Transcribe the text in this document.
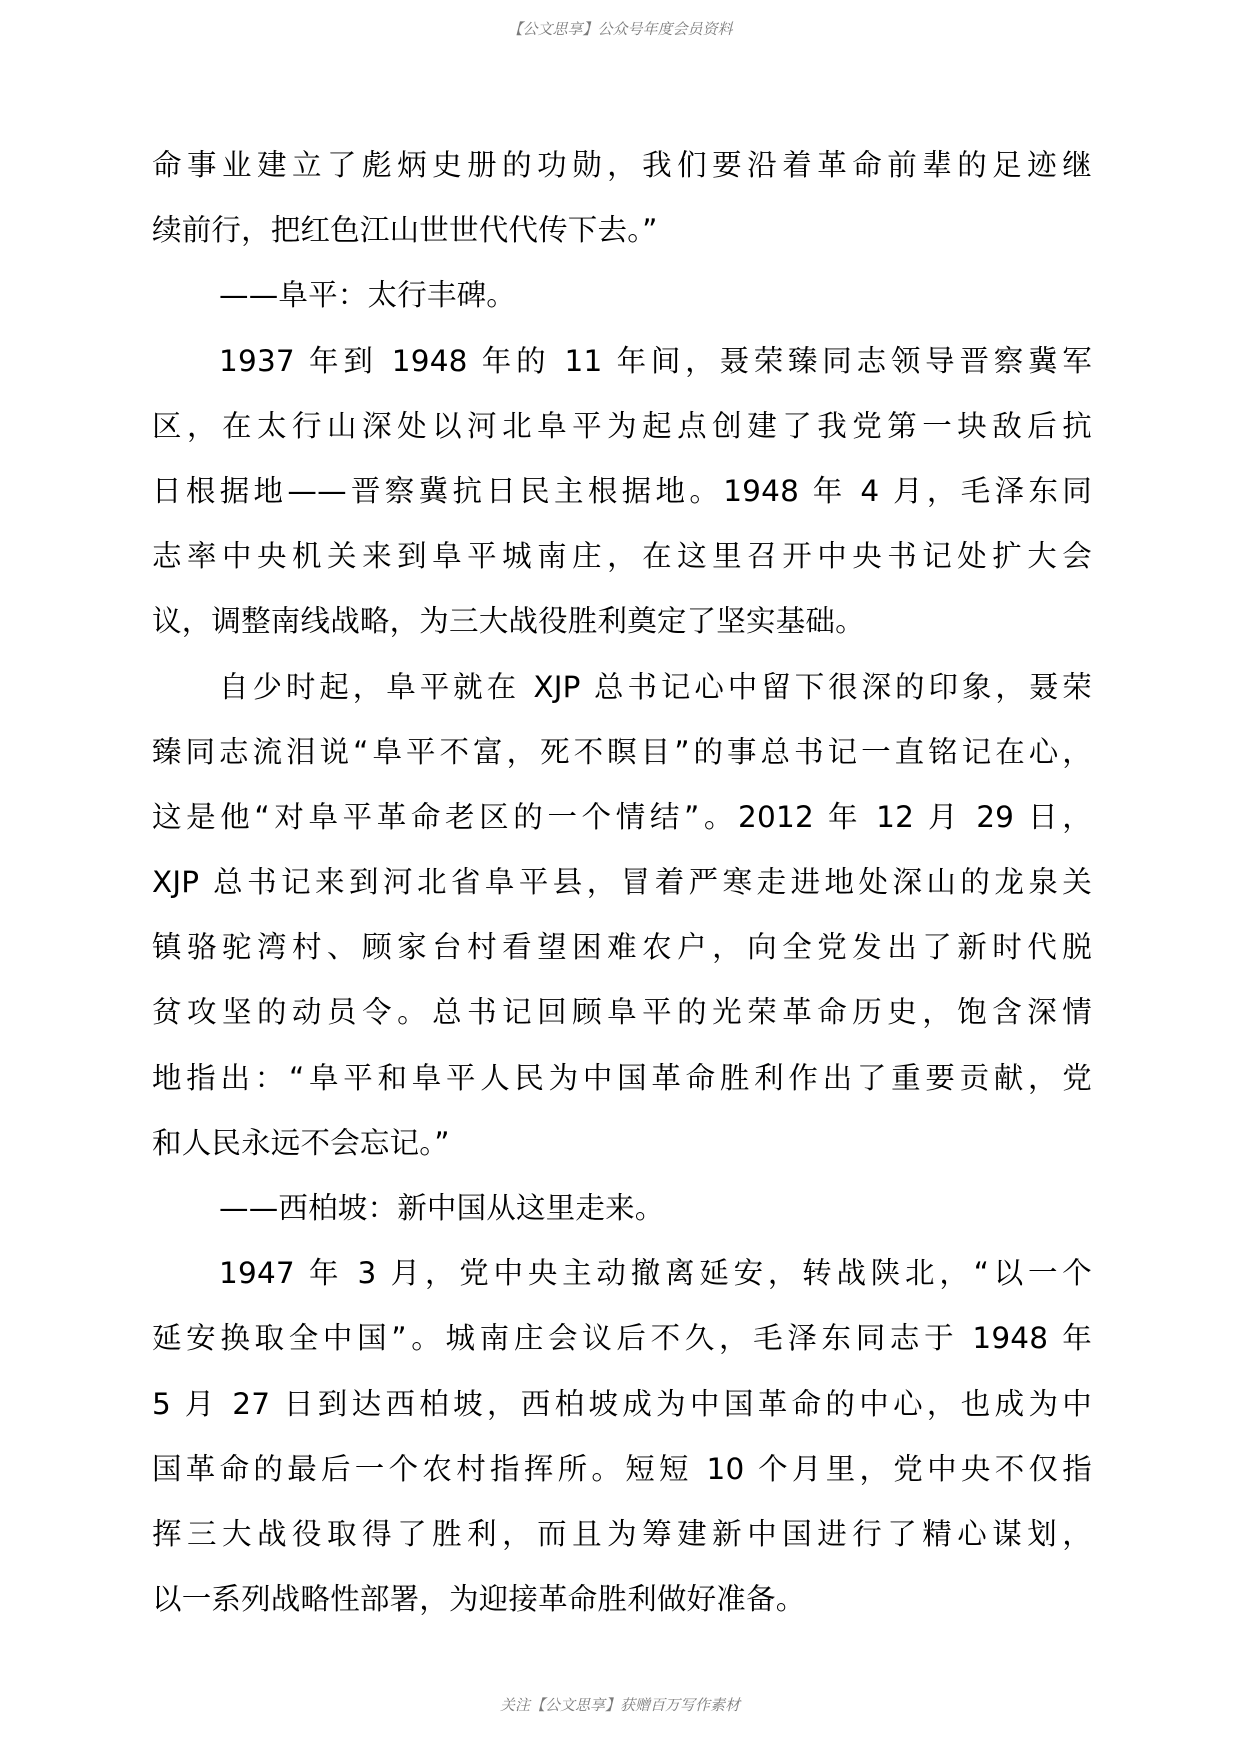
【公文思享】公众号年度会员资料
命事业建立了彪炳史册的功勋，我们要沿着革命前辈的足迹继
续前行，把红色江山世世代代传下去。”
——阜平：太行丰碑。
1937 年到 1948 年的 11 年间，聂荣臻同志领导晋察冀军
区，在太行山深处以河北阜平为起点创建了我党第一块敌后抗
日根据地——晋察冀抗日民主根据地。1948 年 4 月，毛泽东同
志率中央机关来到阜平城南庄，在这里召开中央书记处扩大会
议，调整南线战略，为三大战役胜利奠定了坚实基础。
自少时起，阜平就在 XJP 总书记心中留下很深的印象，聂荣
臻同志流泪说“阜平不富，死不瞑目”的事总书记一直铭记在心，
这是他“对阜平革命老区的一个情结”。2012 年 12 月 29 日，
XJP 总书记来到河北省阜平县，冒着严寒走进地处深山的龙泉关
镇骆驼湾村、顾家台村看望困难农户，向全党发出了新时代脱
贫攻坚的动员令。总书记回顾阜平的光荣革命历史，饱含深情
地指出：“阜平和阜平人民为中国革命胜利作出了重要贡献，党
和人民永远不会忘记。”
——西柏坡：新中国从这里走来。
1947 年 3 月，党中央主动撤离延安，转战陕北，“以一个
延安换取全中国”。城南庄会议后不久，毛泽东同志于 1948 年
5 月 27 日到达西柏坡，西柏坡成为中国革命的中心，也成为中
国革命的最后一个农村指挥所。短短 10 个月里，党中央不仅指
挥三大战役取得了胜利，而且为筹建新中国进行了精心谋划，
以一系列战略性部署，为迎接革命胜利做好准备。
关注【公文思享】获赠百万写作素材
